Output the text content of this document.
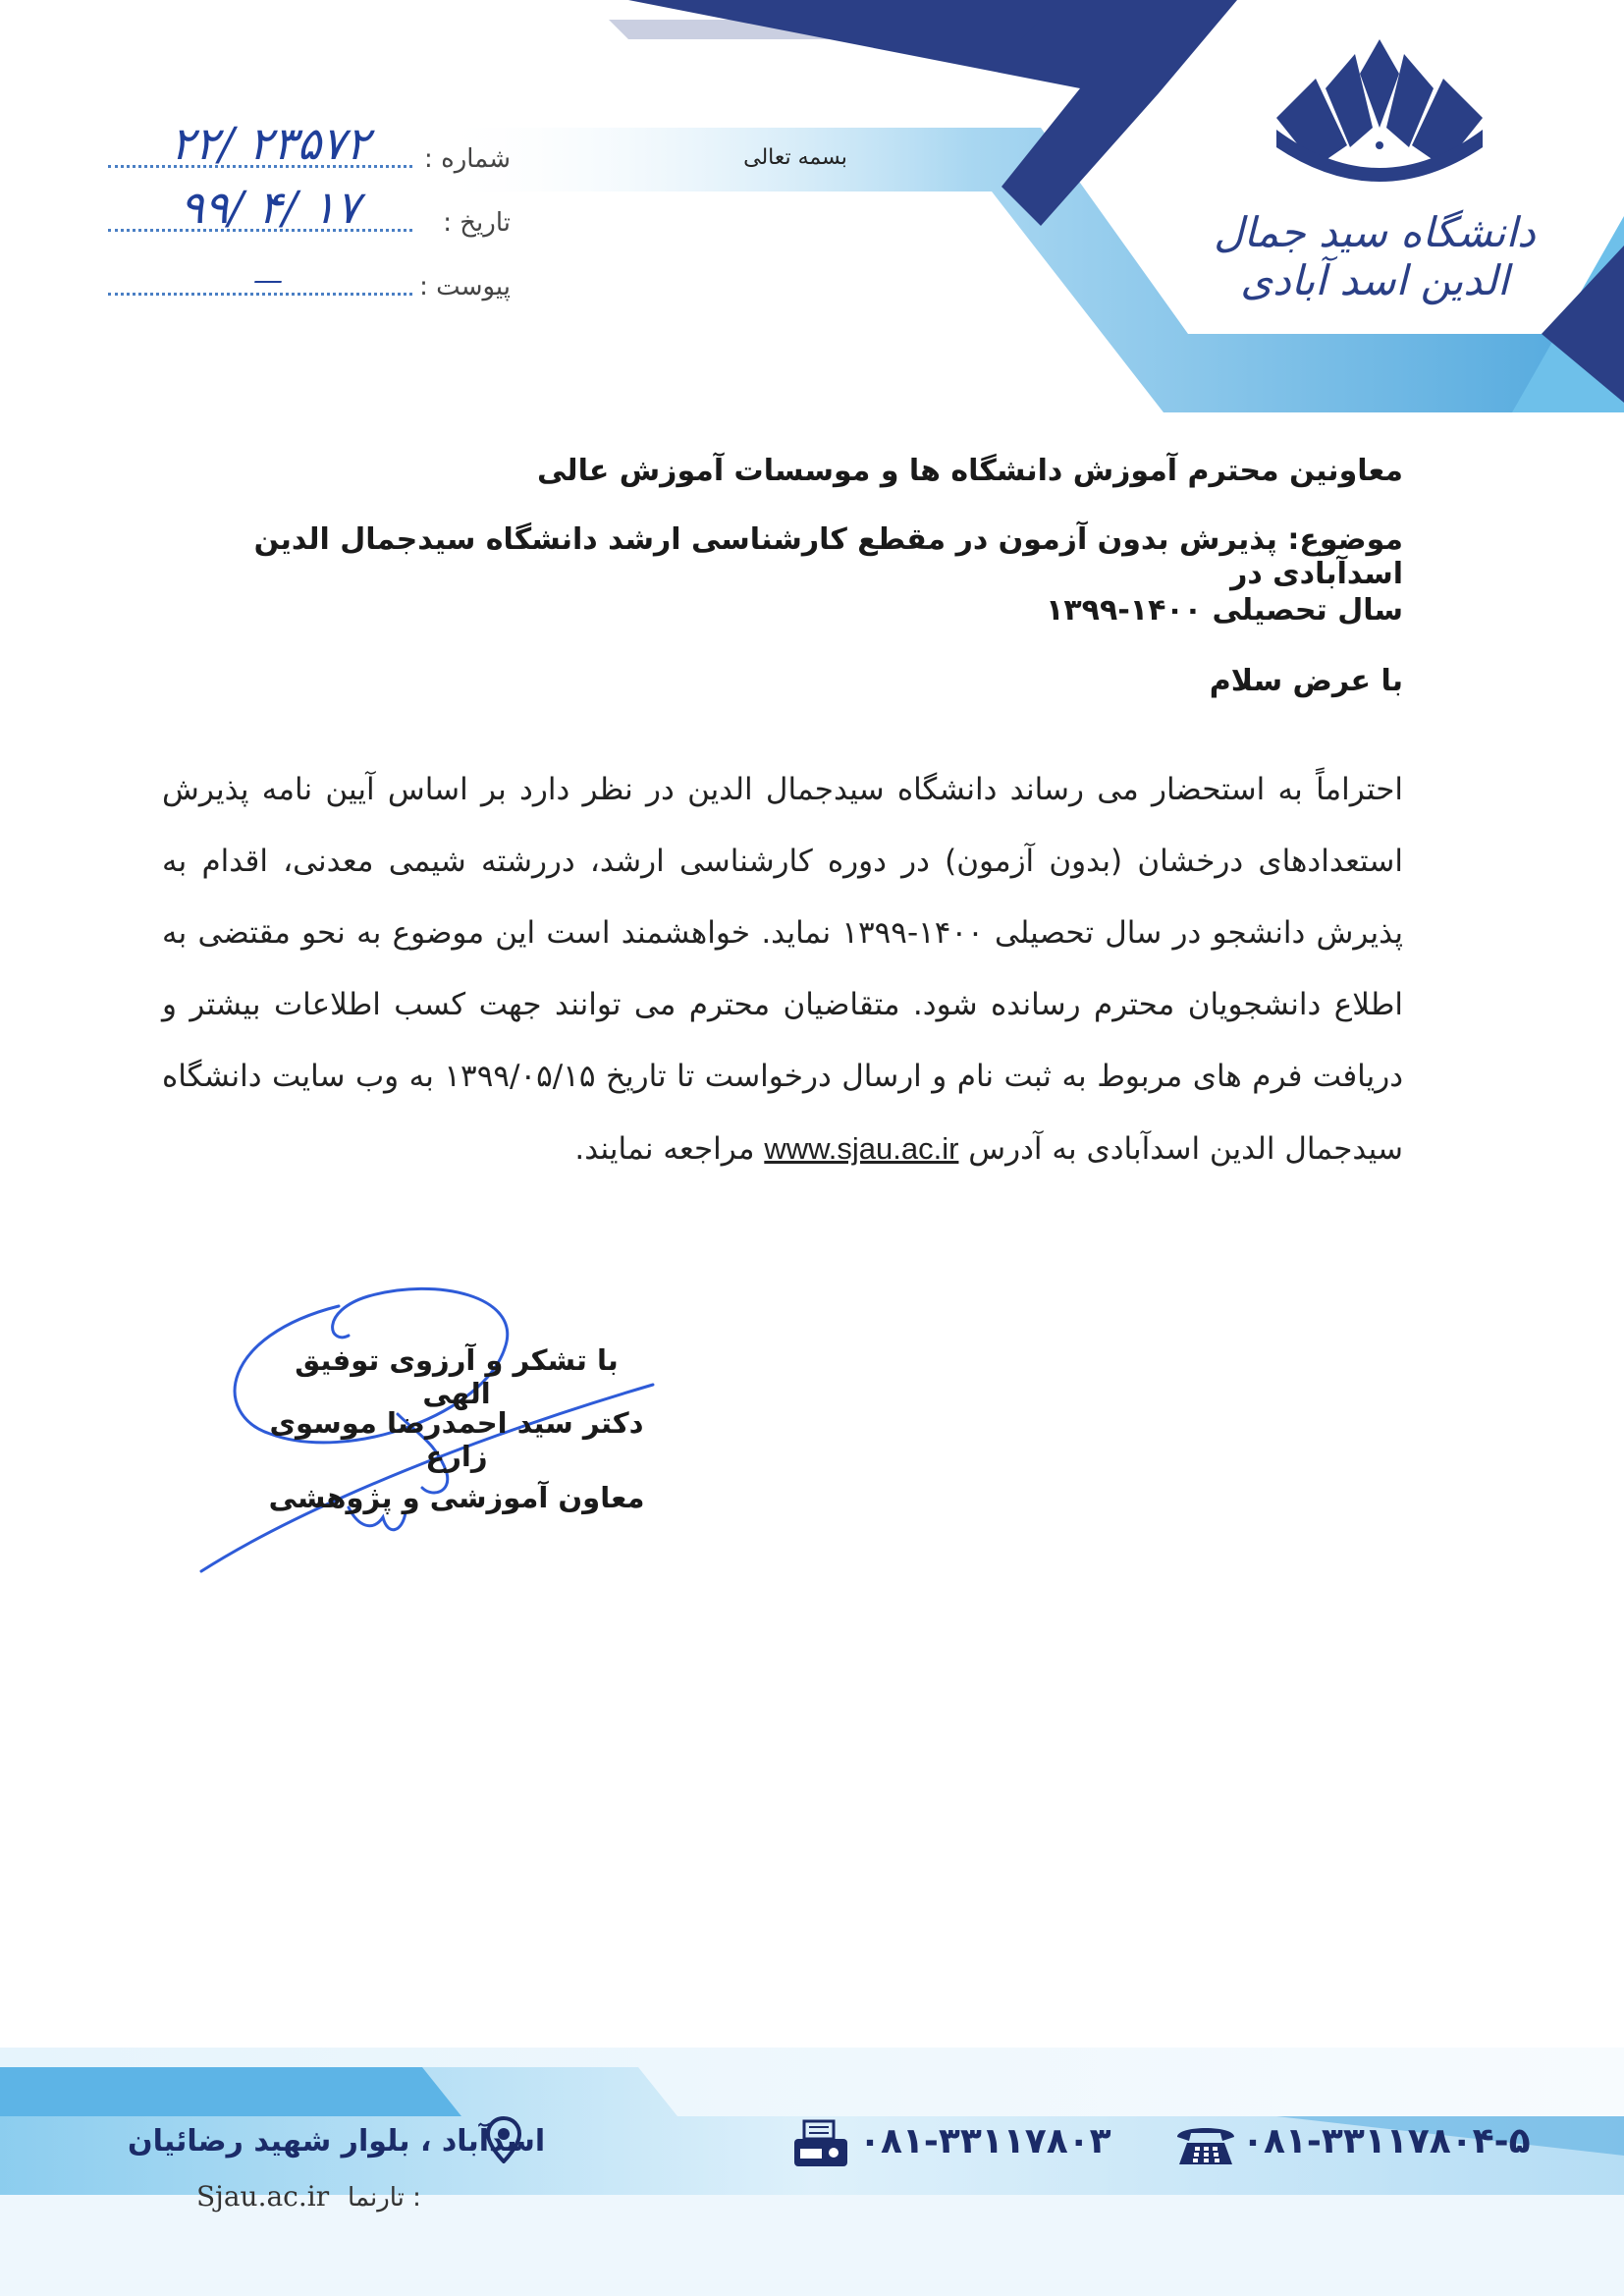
دانشگاه سید جمال الدین اسد آبادی
بسمه تعالی
۲۲/ ۲۳۵۷۲	شماره :
۹۹/ ۴/ ۱۷	تاریخ :
—	پیوست :
معاونین محترم آموزش دانشگاه ها و موسسات آموزش عالی
موضوع: پذیرش بدون آزمون در مقطع کارشناسی ارشد دانشگاه سیدجمال الدین اسدآبادی در
سال تحصیلی ۱۴۰۰-۱۳۹۹
با عرض سلام
احتراماً به استحضار می رساند دانشگاه سیدجمال الدین در نظر دارد بر اساس آیین نامه پذیرش استعدادهای درخشان (بدون آزمون) در دوره کارشناسی ارشد، دررشته شیمی معدنی، اقدام به پذیرش دانشجو در سال تحصیلی ۱۴۰۰-۱۳۹۹ نماید. خواهشمند است این موضوع به نحو مقتضی به اطلاع دانشجویان محترم رسانده شود. متقاضیان محترم می توانند جهت کسب اطلاعات بیشتر و دریافت فرم های مربوط به ثبت نام و ارسال درخواست تا تاریخ ۱۳۹۹/۰۵/۱۵ به وب سایت دانشگاه سیدجمال الدین اسدآبادی به آدرس www.sjau.ac.ir مراجعه نمایند.
با تشکر و آرزوی توفیق الهی
دکتر سید احمدرضا موسوی زارع
معاون آموزشی و پژوهشی
اسدآباد ، بلوار شهید رضائیان
Sjau.ac.ir تارنما :
۰۸۱-۳۳۱۱۷۸۰۳	۰۸۱-۳۳۱۱۷۸۰۴-۵
